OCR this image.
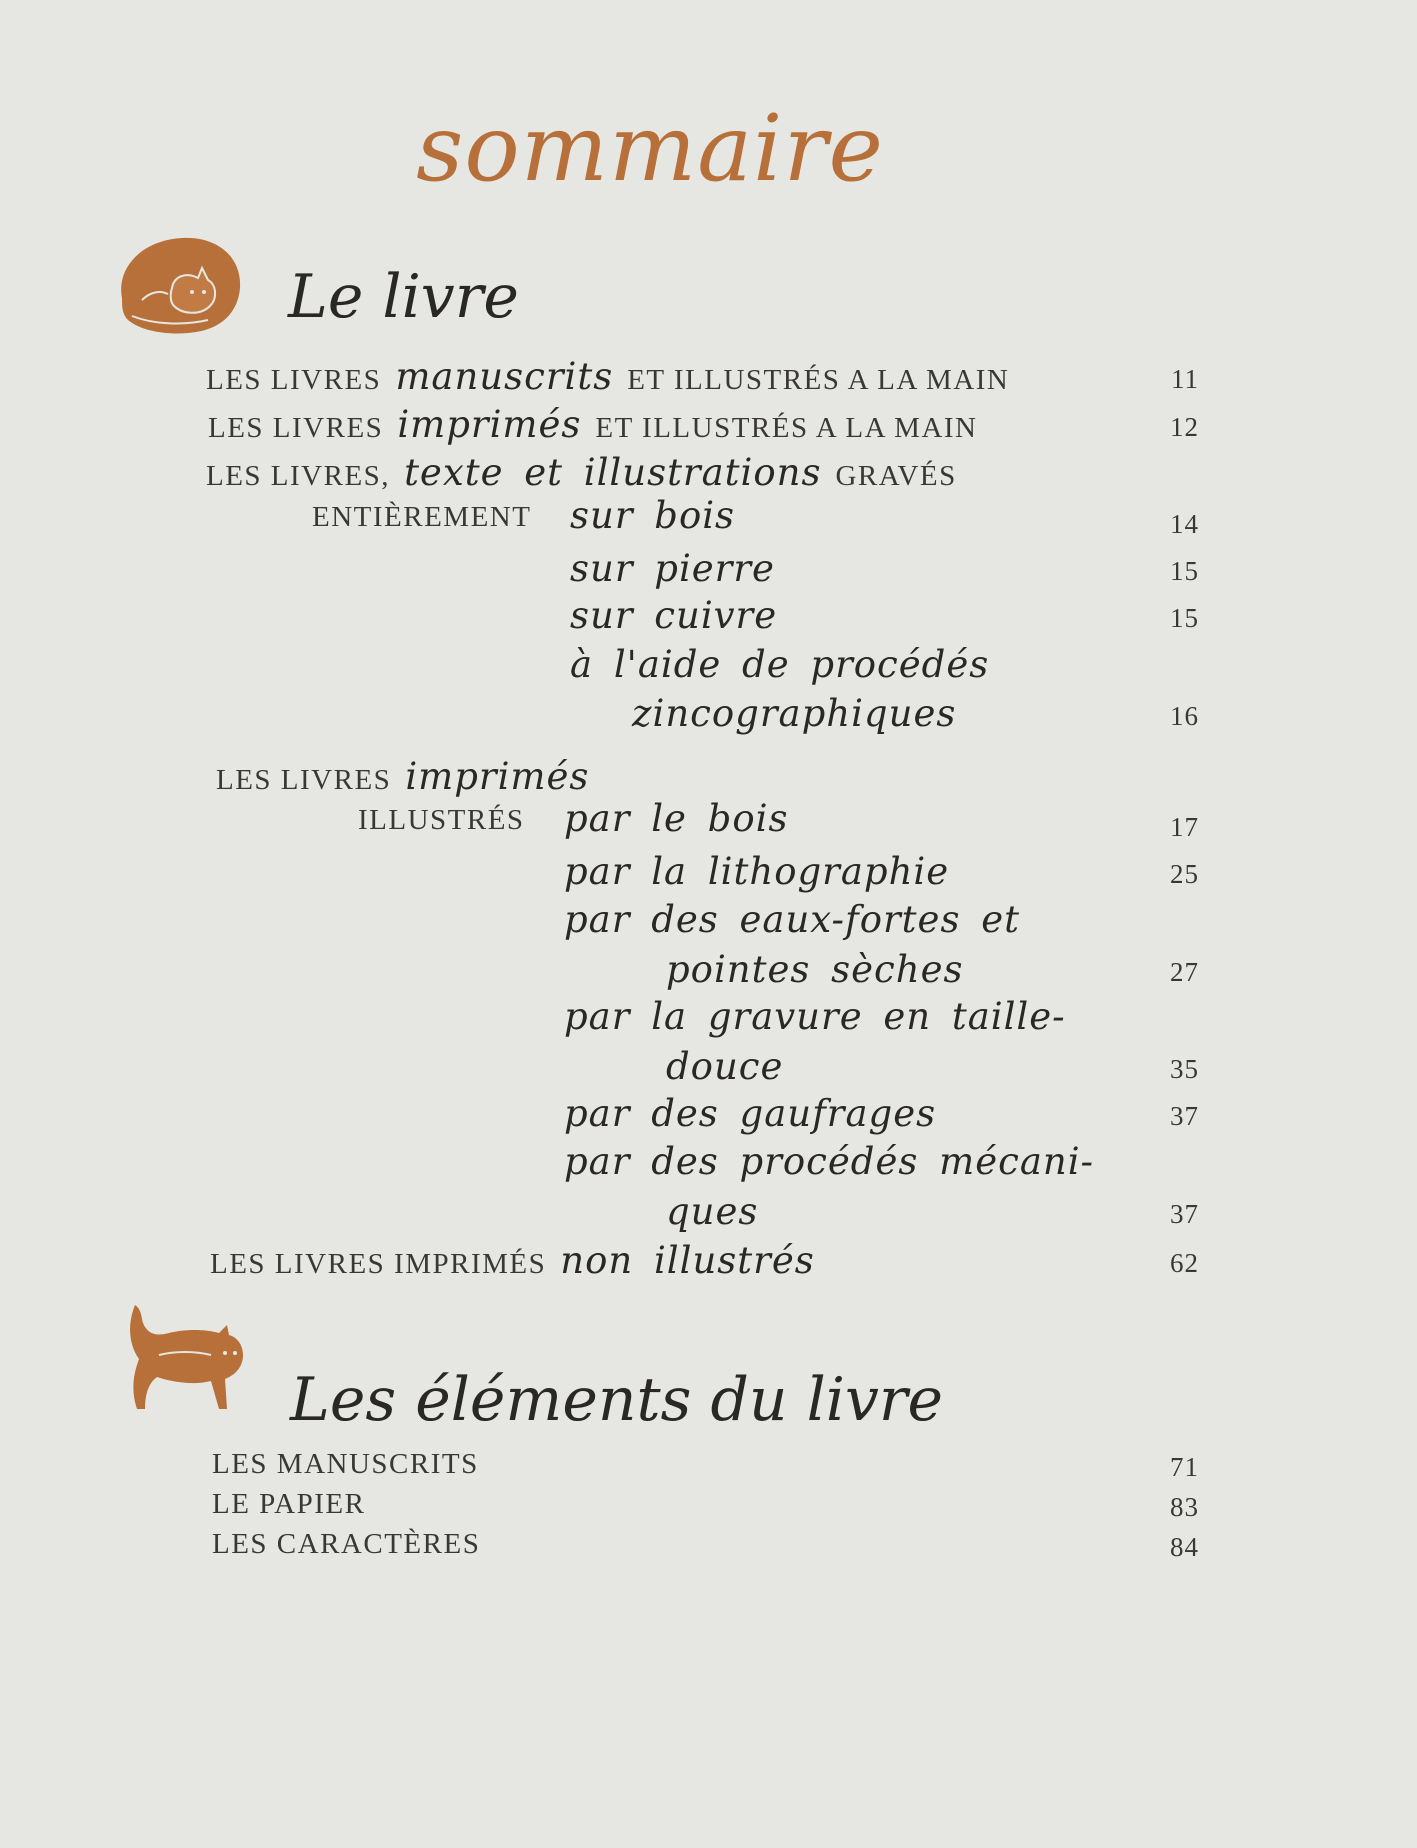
sommaire
Le livre
LES LIVRES manuscrits ET ILLUSTRÉS A LA MAIN	11
LES LIVRES imprimés ET ILLUSTRÉS A LA MAIN	12
LES LIVRES, texte et illustrations GRAVÉS
ENTIÈREMENT sur bois	14
sur pierre	15
sur cuivre	15
à l'aide de procédés
zincographiques	16
LES LIVRES imprimés
ILLUSTRÉS par le bois	17
par la lithographie	25
par des eaux-fortes et
pointes sèches	27
par la gravure en taille-
douce	35
par des gaufrages	37
par des procédés mécani-
ques	37
LES LIVRES IMPRIMÉS non illustrés	62
Les éléments du livre
LES MANUSCRITS	71
LE PAPIER	83
LES CARACTÈRES	84
